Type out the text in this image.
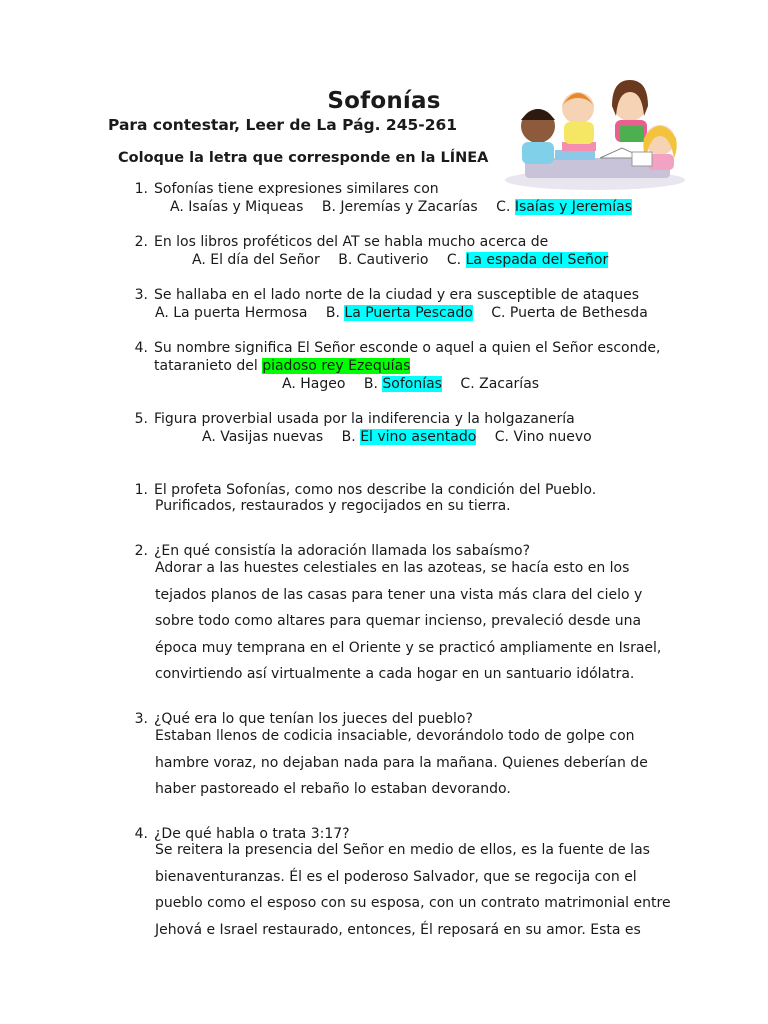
Sofonías
Para contestar, Leer de La Pág. 245-261
Coloque la letra que corresponde en la LÍNEA
1. Sofonías tiene expresiones similares con
A. Isaías y Miqueas B. Jeremías y Zacarías C. Isaías y Jeremías
2. En los libros proféticos del AT se habla mucho acerca de
A. El día del Señor B. Cautiverio C. La espada del Señor
3. Se hallaba en el lado norte de la ciudad y era susceptible de ataques
A. La puerta Hermosa B. La Puerta Pescado C. Puerta de Bethesda
4. Su nombre significa El Señor esconde o aquel a quien el Señor esconde,
tataranieto del piadoso rey Ezequías
A. Hageo B. Sofonías C. Zacarías
5. Figura proverbial usada por la indiferencia y la holgazanería
A. Vasijas nuevas B. El vino asentado C. Vino nuevo
1. El profeta Sofonías, como nos describe la condición del Pueblo.
Purificados, restaurados y regocijados en su tierra.
2. ¿En qué consistía la adoración llamada los sabaísmo?
Adorar a las huestes celestiales en las azoteas, se hacía esto en los
tejados planos de las casas para tener una vista más clara del cielo y
sobre todo como altares para quemar incienso, prevaleció desde una
época muy temprana en el Oriente y se practicó ampliamente en Israel,
convirtiendo así virtualmente a cada hogar en un santuario idólatra.
3. ¿Qué era lo que tenían los jueces del pueblo?
Estaban llenos de codicia insaciable, devorándolo todo de golpe con
hambre voraz, no dejaban nada para la mañana. Quienes deberían de
haber pastoreado el rebaño lo estaban devorando.
4. ¿De qué habla o trata 3:17?
Se reitera la presencia del Señor en medio de ellos, es la fuente de las
bienaventuranzas. Él es el poderoso Salvador, que se regocija con el
pueblo como el esposo con su esposa, con un contrato matrimonial entre
Jehová e Israel restaurado, entonces, Él reposará en su amor. Esta es
